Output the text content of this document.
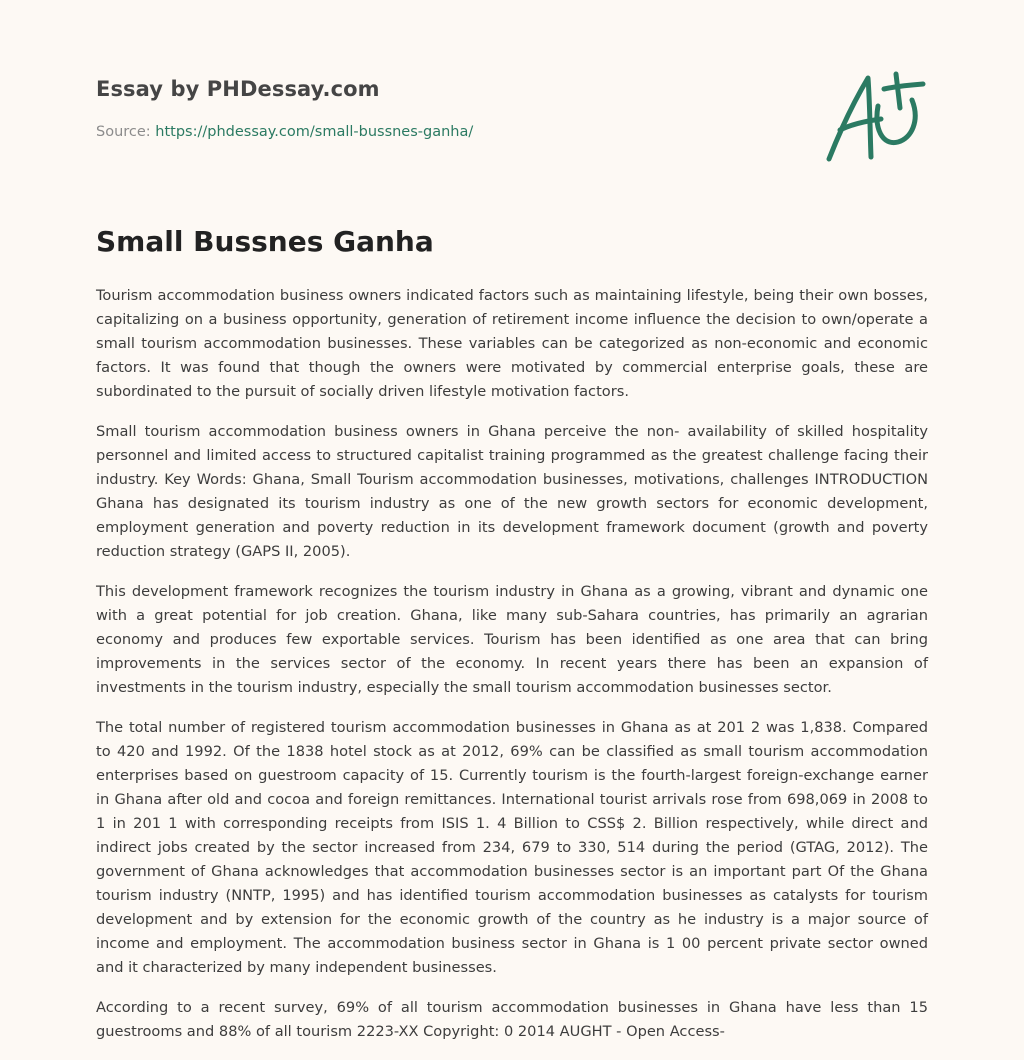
Essay by PHDessay.com
Source: https://phdessay.com/small-bussnes-ganha/
Small Bussnes Ganha

Tourism accommodation business owners indicated factors such as maintaining lifestyle, being their own bosses, capitalizing on a business opportunity, generation of retirement income influence the decision to own/operate a small tourism accommodation businesses. These variables can be categorized as non-economic and economic factors. It was found that though the owners were motivated by commercial enterprise goals, these are subordinated to the pursuit of socially driven lifestyle motivation factors.

Small tourism accommodation business owners in Ghana perceive the non- availability of skilled hospitality personnel and limited access to structured capitalist training programmed as the greatest challenge facing their industry. Key Words: Ghana, Small Tourism accommodation businesses, motivations, challenges INTRODUCTION Ghana has designated its tourism industry as one of the new growth sectors for economic development, employment generation and poverty reduction in its development framework document (growth and poverty reduction strategy (GAPS II, 2005).

This development framework recognizes the tourism industry in Ghana as a growing, vibrant and dynamic one with a great potential for job creation. Ghana, like many sub-Sahara countries, has primarily an agrarian economy and produces few exportable services. Tourism has been identified as one area that can bring improvements in the services sector of the economy. In recent years there has been an expansion of investments in the tourism industry, especially the small tourism accommodation businesses sector.

The total number of registered tourism accommodation businesses in Ghana as at 201 2 was 1,838. Compared to 420 and 1992. Of the 1838 hotel stock as at 2012, 69% can be classified as small tourism accommodation enterprises based on guestroom capacity of 15. Currently tourism is the fourth-largest foreign-exchange earner in Ghana after old and cocoa and foreign remittances. International tourist arrivals rose from 698,069 in 2008 to 1 in 201 1 with corresponding receipts from ISIS 1. 4 Billion to CSS$ 2. Billion respectively, while direct and indirect jobs created by the sector increased from 234, 679 to 330, 514 during the period (GTAG, 2012). The government of Ghana acknowledges that accommodation businesses sector is an important part Of the Ghana tourism industry (NNTP, 1995) and has identified tourism accommodation businesses as catalysts for tourism development and by extension for the economic growth of the country as he industry is a major source of income and employment. The accommodation business sector in Ghana is 1 00 percent private sector owned and it characterized by many independent businesses.

According to a recent survey, 69% of all tourism accommodation businesses in Ghana have less than 15 guestrooms and 88% of all tourism 2223-XX Copyright: 0 2014 AUGHT - Open Access-
